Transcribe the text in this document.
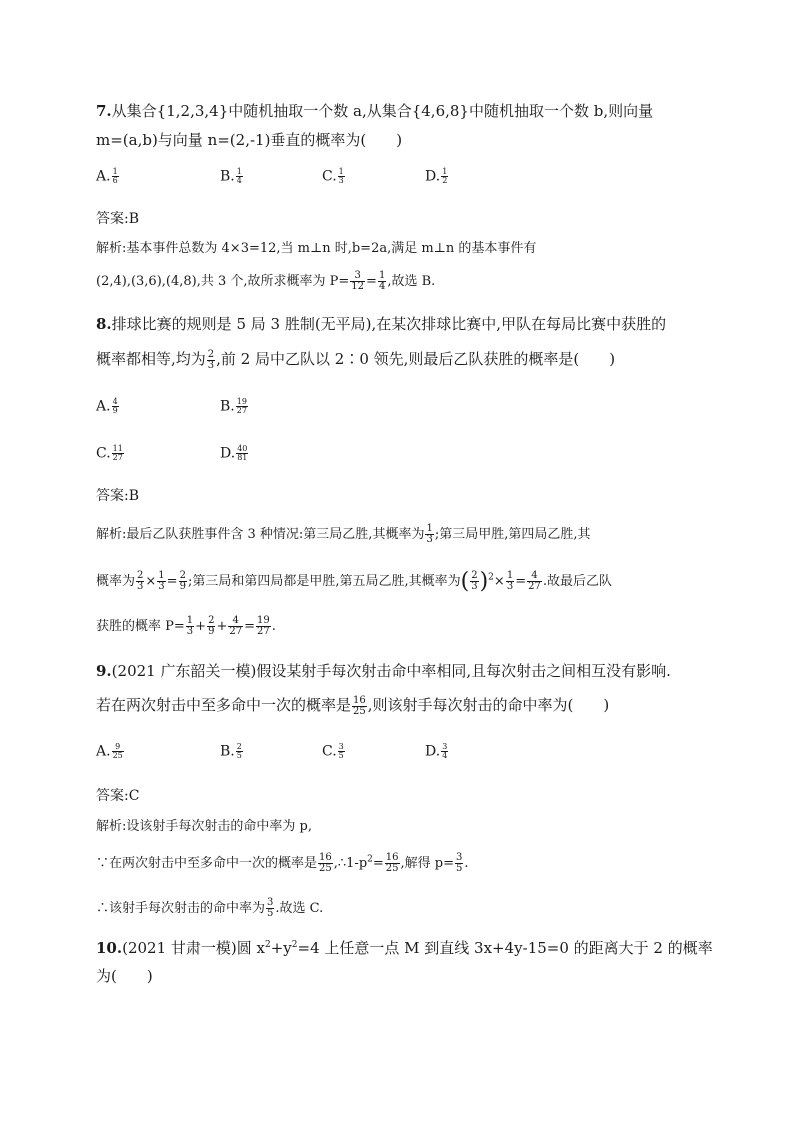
7.从集合{1,2,3,4}中随机抽取一个数 a,从集合{4,6,8}中随机抽取一个数 b,则向量
m=(a,b)与向量 n=(2,-1)垂直的概率为(　　)
A. $\frac{1}{6}$	B. $\frac{1}{4}$	C. $\frac{1}{3}$	D. $\frac{1}{2}$
答案:B
解析:基本事件总数为 4×3=12,当 m⊥n 时,b=2a,满足 m⊥n 的基本事件有
(2,4),(3,6),(4,8),共 3 个,故所求概率为 $P= \frac{3}{12} = \frac{1}{4}$ ,故选 B.
8.排球比赛的规则是 5 局 3 胜制(无平局),在某次排球比赛中,甲队在每局比赛中获胜的
概率都相等,均为 $\frac{2}{3}$ ,前 2 局中乙队以 2∶0 领先,则最后乙队获胜的概率是(　　)
A. $\frac{4}{9}$	B. $\frac{19}{27}$
C. $\frac{11}{27}$	D. $\frac{40}{81}$
答案:B
解析:最后乙队获胜事件含 3 种情况:第三局乙胜,其概率为 $\frac{1}{3}$ ;第三局甲胜,第四局乙胜,其
概率为 $\frac{2}{3} \times \frac{1}{3} = \frac{2}{9}$ ;第三局和第四局都是甲胜,第五局乙胜,其概率为( $\frac{2}{3} )^2\times \frac{1}{3} = \frac{4}{27}$ .故最后乙队
获胜的概率 $P= \frac{1}{3} + \frac{2}{9} + \frac{4}{27} = \frac{19}{27}$ .
9.(2021 广东韶关一模)假设某射手每次射击命中率相同,且每次射击之间相互没有影响.
若在两次射击中至多命中一次的概率是 $\frac{16}{25}$ ,则该射手每次射击的命中率为(　　)
A. $\frac{9}{25}$	B. $\frac{2}{5}$	C. $\frac{3}{5}$	D. $\frac{3}{4}$
答案:C
解析:设该射手每次射击的命中率为 p,
∵在两次射击中至多命中一次的概率是 $\frac{16}{25}$ $,\therefore 1-p^2= \frac{16}{25}$ ,解得 $p= \frac{3}{5}$ .
∴该射手每次射击的命中率为 $\frac{3}{5}$ .故选 C.
10.(2021 甘肃一模)圆 $x^2+y^2=4$ 上任意一点 M 到直线 3x+4y-15=0 的距离大于 2 的概率
为(　　)
